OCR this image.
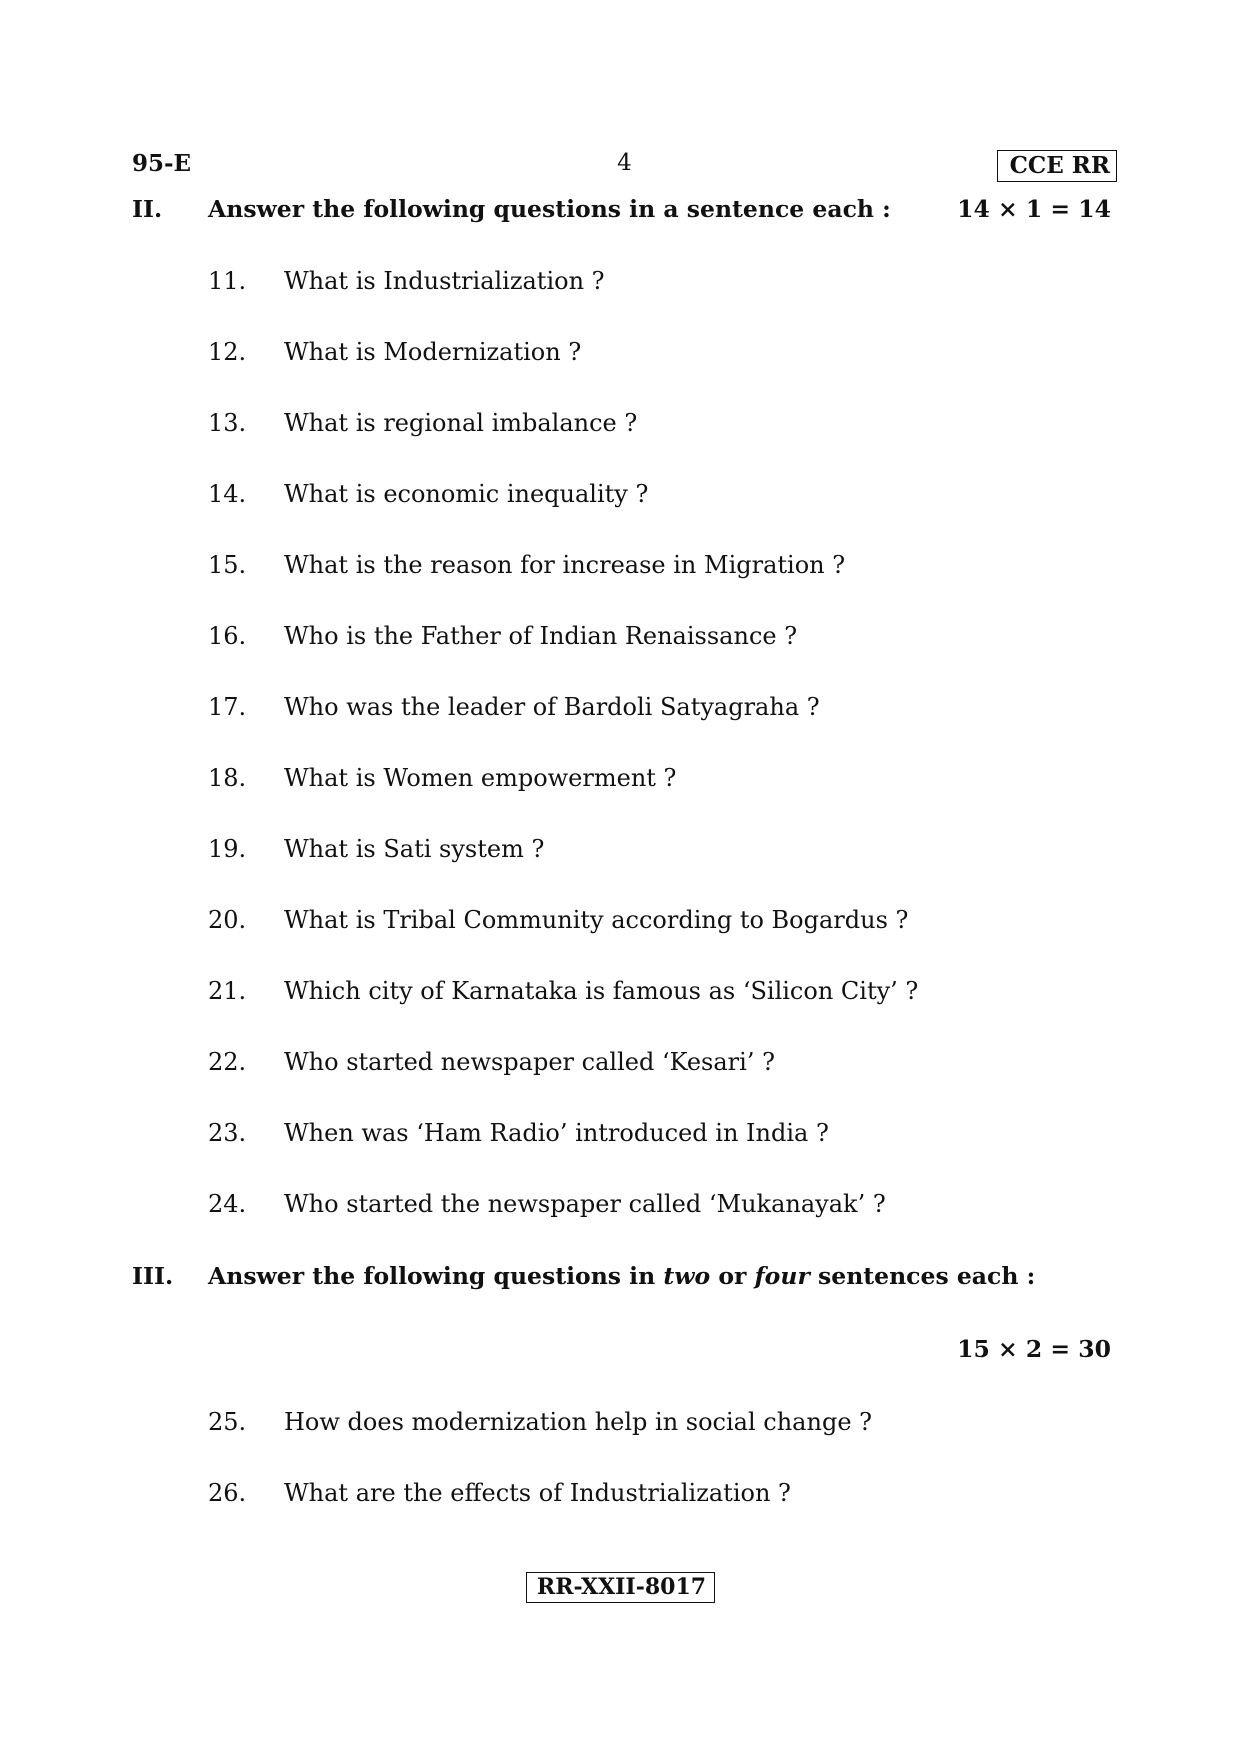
95-E	4	CCE RR
II. Answer the following questions in a sentence each :	14 × 1 = 14
11. What is Industrialization ?
12. What is Modernization ?
13. What is regional imbalance ?
14. What is economic inequality ?
15. What is the reason for increase in Migration ?
16. Who is the Father of Indian Renaissance ?
17. Who was the leader of Bardoli Satyagraha ?
18. What is Women empowerment ?
19. What is Sati system ?
20. What is Tribal Community according to Bogardus ?
21. Which city of Karnataka is famous as ‘Silicon City’ ?
22. Who started newspaper called ‘Kesari’ ?
23. When was ‘Ham Radio’ introduced in India ?
24. Who started the newspaper called ‘Mukanayak’ ?
III. Answer the following questions in two or four sentences each :
15 × 2 = 30
25. How does modernization help in social change ?
26. What are the effects of Industrialization ?
RR-XXII-8017
